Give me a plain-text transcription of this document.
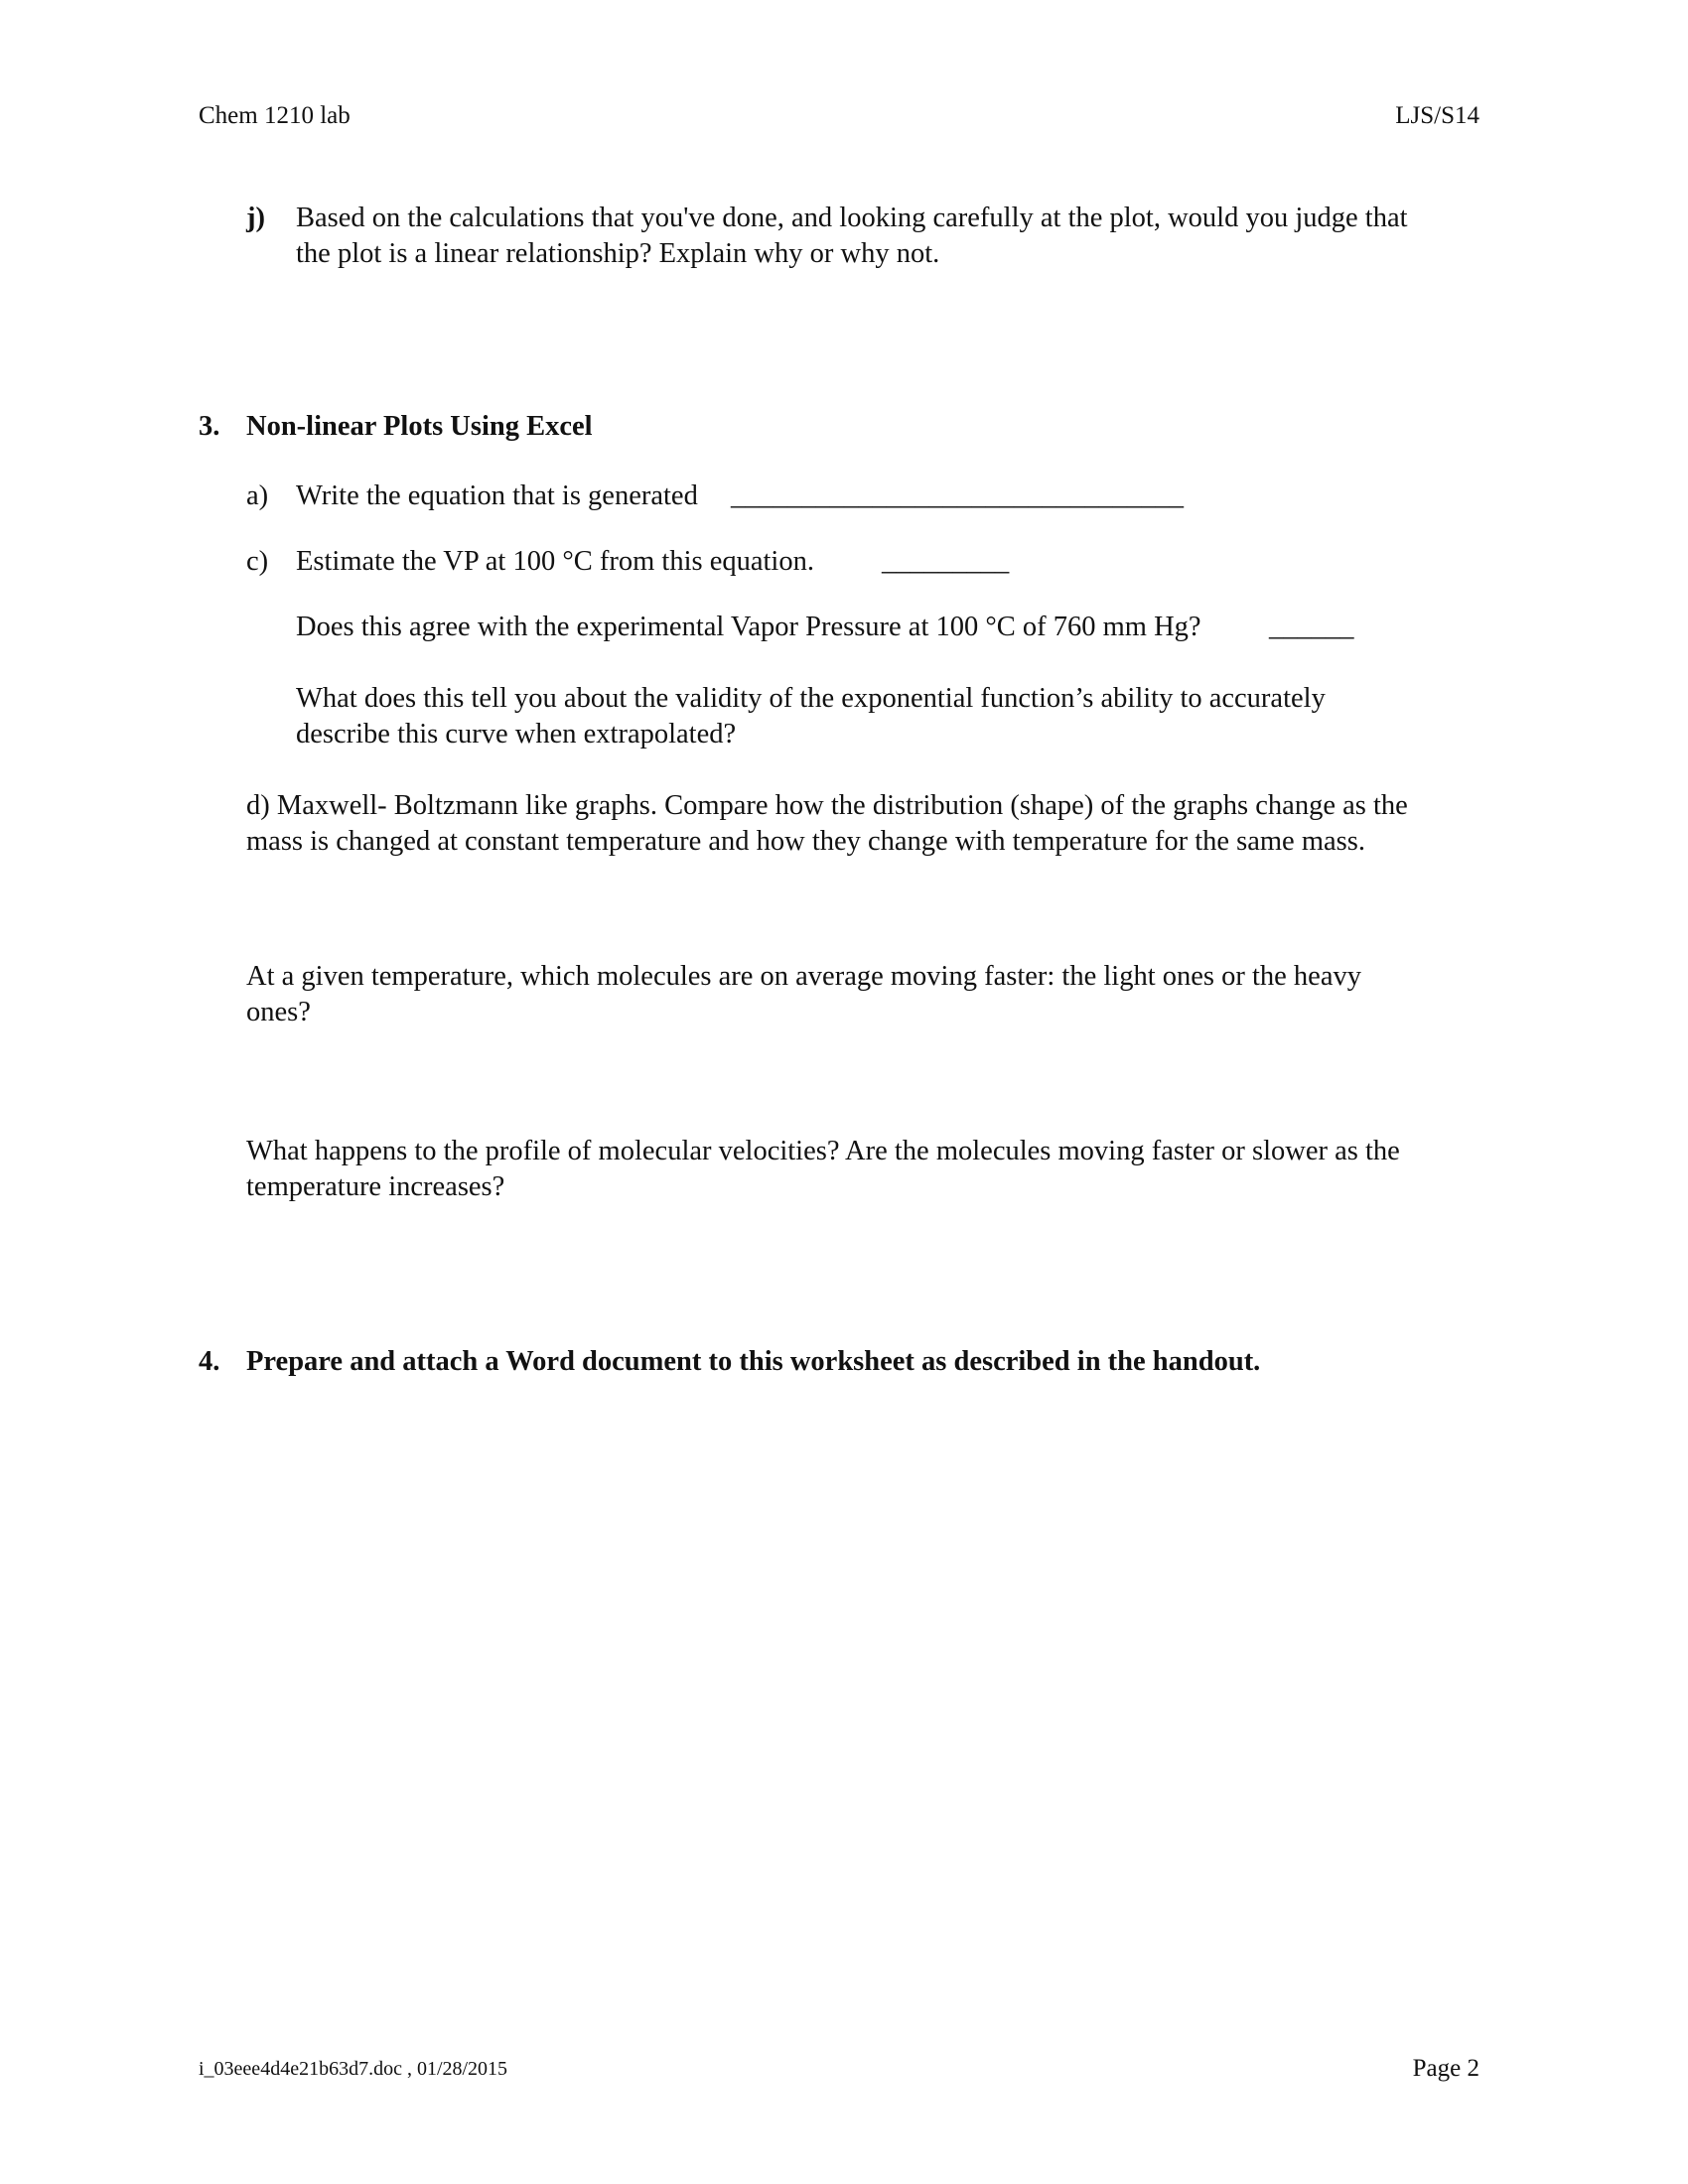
Chem 1210 lab	LJS/S14
j) Based on the calculations that you've done, and looking carefully at the plot, would you judge that
the plot is a linear relationship? Explain why or why not.
3. Non-linear Plots Using Excel
a) Write the equation that is generated ________________________________
c) Estimate the VP at 100 °C from this equation. _________
Does this agree with the experimental Vapor Pressure at 100 °C of 760 mm Hg? ______
What does this tell you about the validity of the exponential function’s ability to accurately
describe this curve when extrapolated?
d) Maxwell- Boltzmann like graphs. Compare how the distribution (shape) of the graphs change as the
mass is changed at constant temperature and how they change with temperature for the same mass.
At a given temperature, which molecules are on average moving faster: the light ones or the heavy
ones?
What happens to the profile of molecular velocities? Are the molecules moving faster or slower as the
temperature increases?
4. Prepare and attach a Word document to this worksheet as described in the handout.
i_03eee4d4e21b63d7.doc , 01/28/2015	Page 2
